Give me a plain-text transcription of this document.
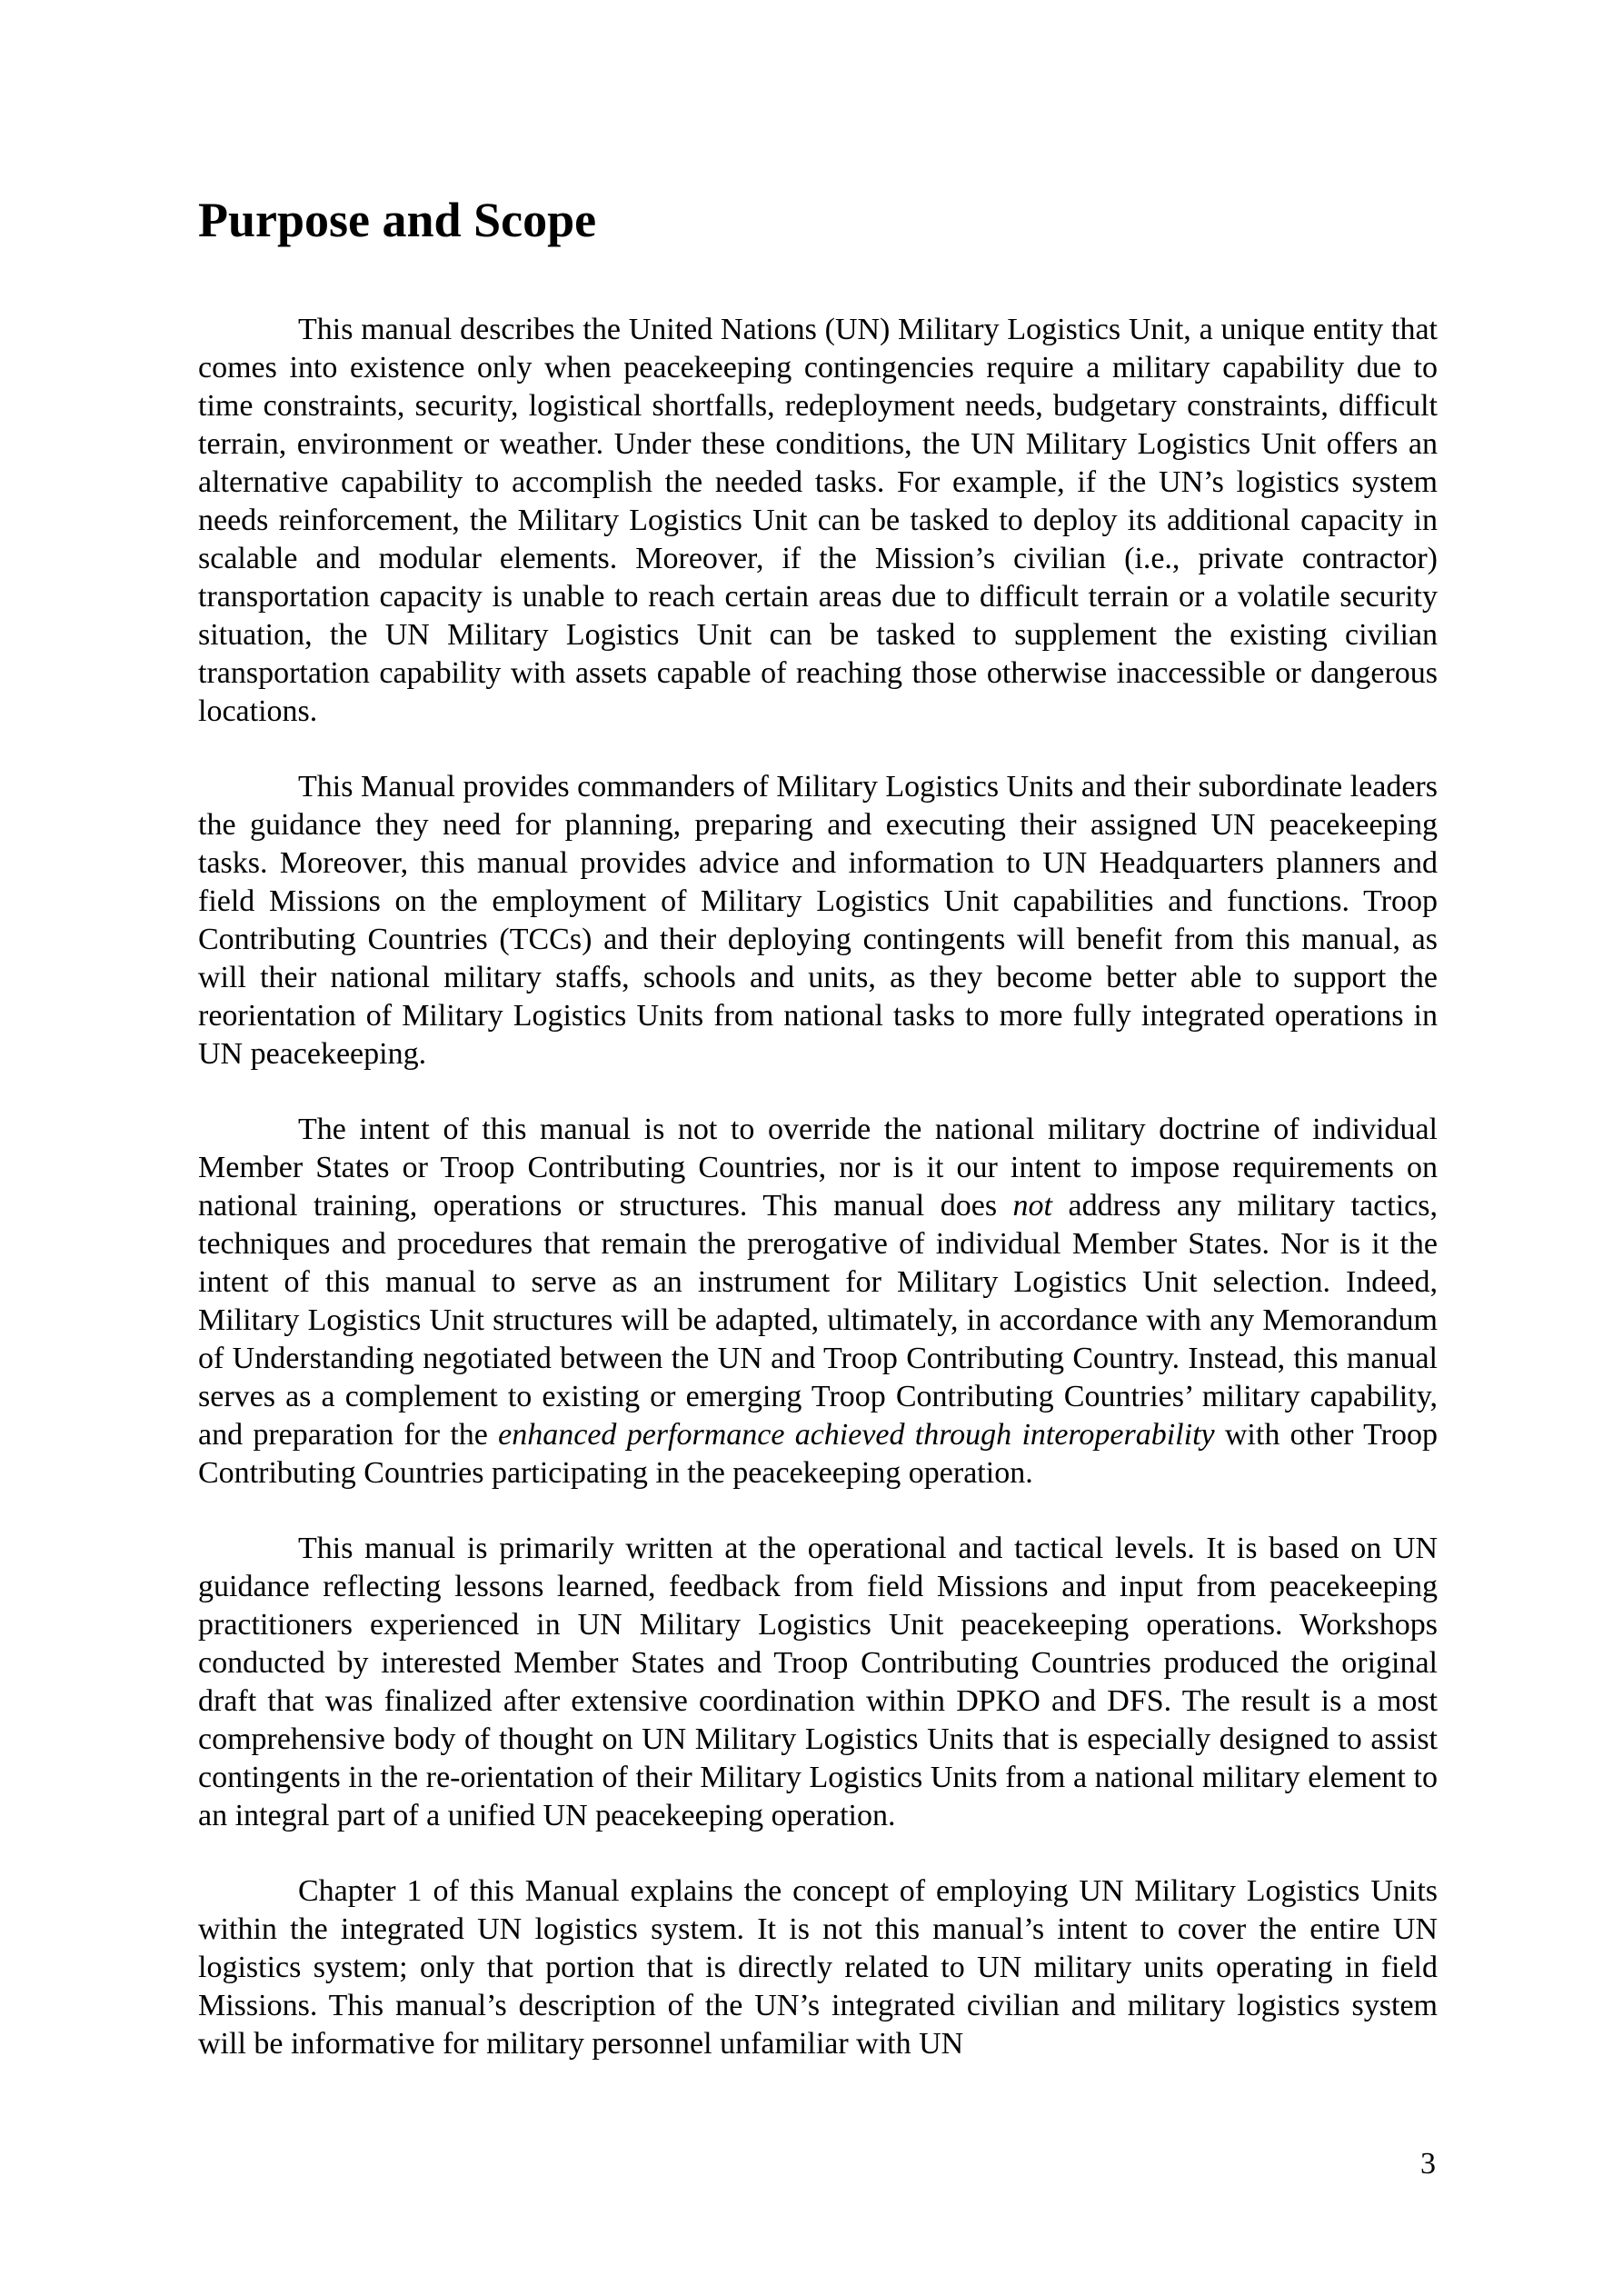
Purpose and Scope

This manual describes the United Nations (UN) Military Logistics Unit, a unique entity that comes into existence only when peacekeeping contingencies require a military capability due to time constraints, security, logistical shortfalls, redeployment needs, budgetary constraints, difficult terrain, environment or weather. Under these conditions, the UN Military Logistics Unit offers an alternative capability to accomplish the needed tasks. For example, if the UN’s logistics system needs reinforcement, the Military Logistics Unit can be tasked to deploy its additional capacity in scalable and modular elements. Moreover, if the Mission’s civilian (i.e., private contractor) transportation capacity is unable to reach certain areas due to difficult terrain or a volatile security situation, the UN Military Logistics Unit can be tasked to supplement the existing civilian transportation capability with assets capable of reaching those otherwise inaccessible or dangerous locations.

This Manual provides commanders of Military Logistics Units and their subordinate leaders the guidance they need for planning, preparing and executing their assigned UN peacekeeping tasks. Moreover, this manual provides advice and information to UN Headquarters planners and field Missions on the employment of Military Logistics Unit capabilities and functions. Troop Contributing Countries (TCCs) and their deploying contingents will benefit from this manual, as will their national military staffs, schools and units, as they become better able to support the reorientation of Military Logistics Units from national tasks to more fully integrated operations in UN peacekeeping.

The intent of this manual is not to override the national military doctrine of individual Member States or Troop Contributing Countries, nor is it our intent to impose requirements on national training, operations or structures. This manual does not address any military tactics, techniques and procedures that remain the prerogative of individual Member States. Nor is it the intent of this manual to serve as an instrument for Military Logistics Unit selection. Indeed, Military Logistics Unit structures will be adapted, ultimately, in accordance with any Memorandum of Understanding negotiated between the UN and Troop Contributing Country. Instead, this manual serves as a complement to existing or emerging Troop Contributing Countries’ military capability, and preparation for the enhanced performance achieved through interoperability with other Troop Contributing Countries participating in the peacekeeping operation.

This manual is primarily written at the operational and tactical levels. It is based on UN guidance reflecting lessons learned, feedback from field Missions and input from peacekeeping practitioners experienced in UN Military Logistics Unit peacekeeping operations. Workshops conducted by interested Member States and Troop Contributing Countries produced the original draft that was finalized after extensive coordination within DPKO and DFS. The result is a most comprehensive body of thought on UN Military Logistics Units that is especially designed to assist contingents in the re-orientation of their Military Logistics Units from a national military element to an integral part of a unified UN peacekeeping operation.

Chapter 1 of this Manual explains the concept of employing UN Military Logistics Units within the integrated UN logistics system. It is not this manual’s intent to cover the entire UN logistics system; only that portion that is directly related to UN military units operating in field Missions. This manual’s description of the UN’s integrated civilian and military logistics system will be informative for military personnel unfamiliar with UN

3
